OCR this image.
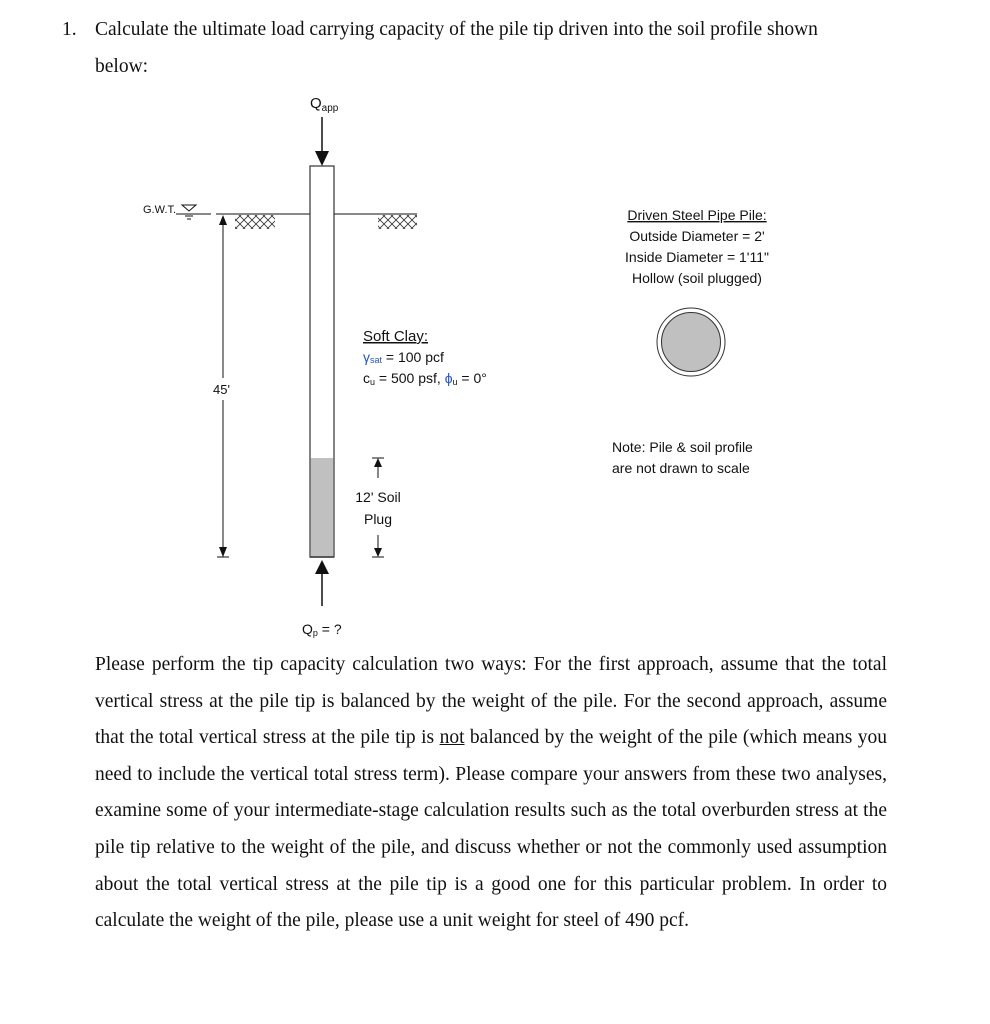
1. Calculate the ultimate load carrying capacity of the pile tip driven into the soil profile shown
below:
$Q_{app}$
G.W.T.
45'
Soft Clay:
γsat = 100 pcf
cu = 500 psf, ϕu = 0°
12' Soil
Plug
Qp = ?
Driven Steel Pipe Pile:
Outside Diameter = 2'
Inside Diameter = 1'11"
Hollow (soil plugged)
Note: Pile & soil profile
are not drawn to scale
Please perform the tip capacity calculation two ways: For the first approach, assume that the total vertical stress at the pile tip is balanced by the weight of the pile. For the second approach, assume that the total vertical stress at the pile tip is not balanced by the weight of the pile (which means you need to include the vertical total stress term). Please compare your answers from these two analyses, examine some of your intermediate-stage calculation results such as the total overburden stress at the pile tip relative to the weight of the pile, and discuss whether or not the commonly used assumption about the total vertical stress at the pile tip is a good one for this particular problem. In order to calculate the weight of the pile, please use a unit weight for steel of 490 pcf.
